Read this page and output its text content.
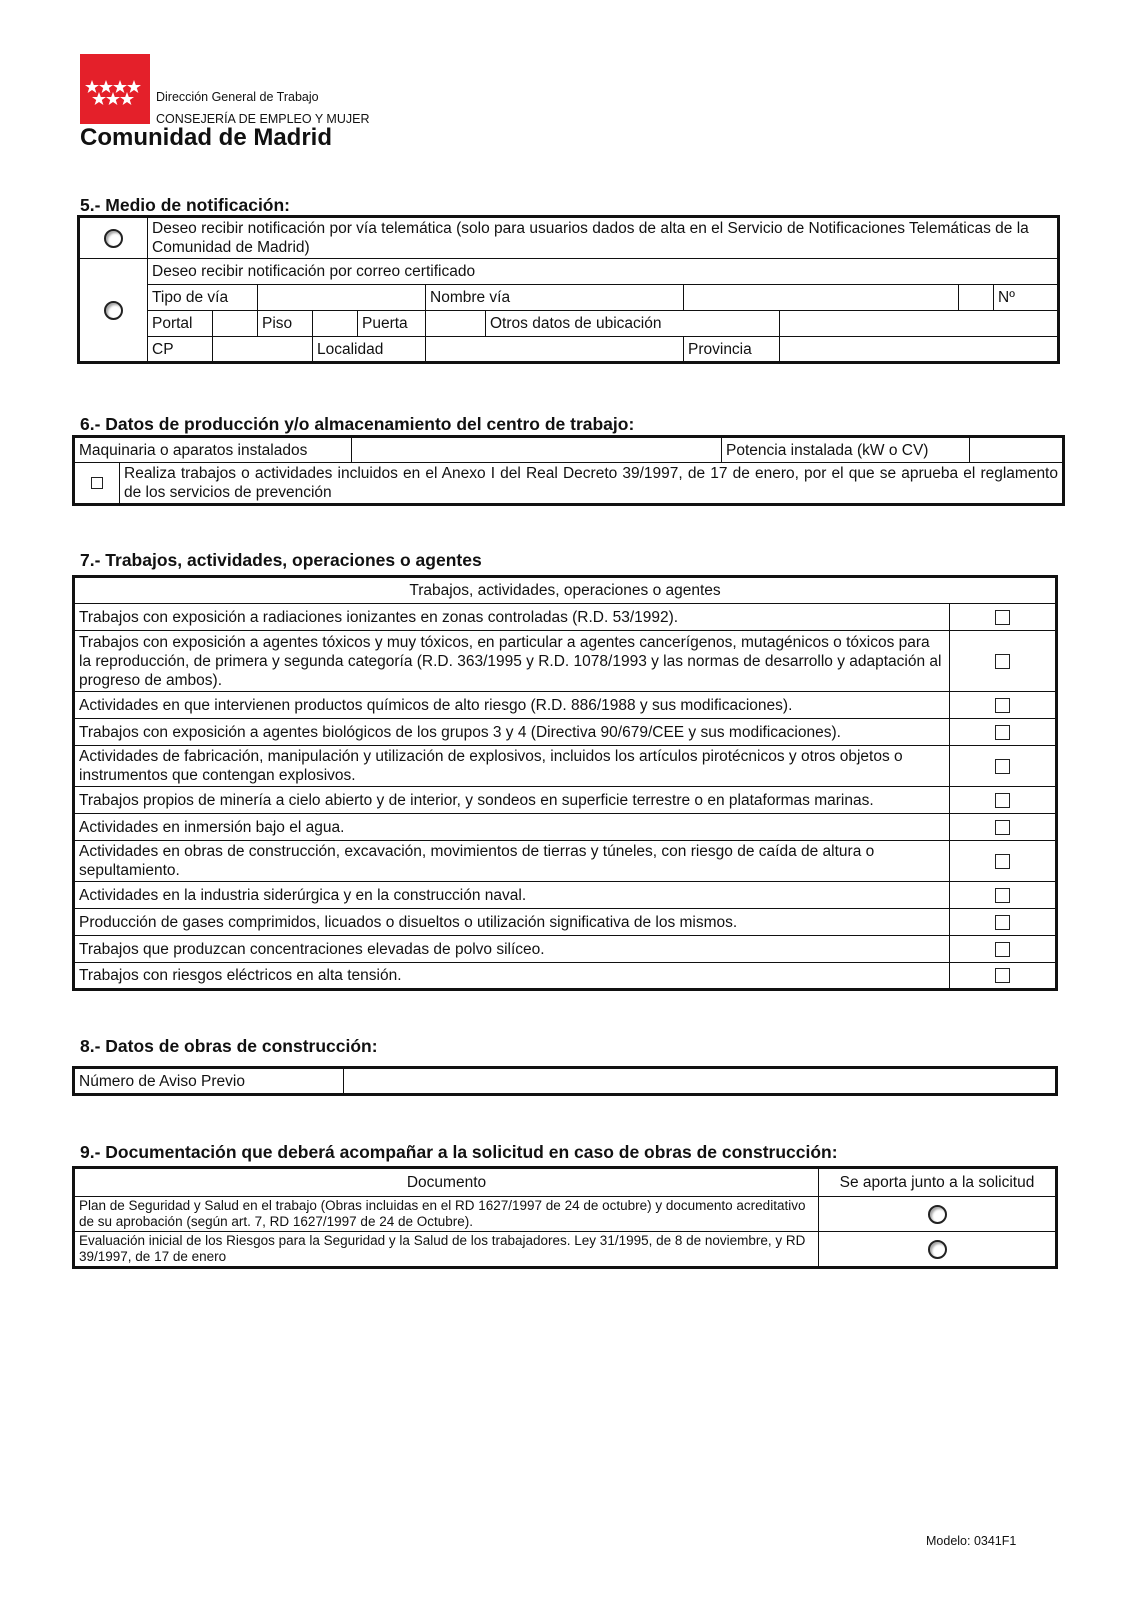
Dirección General de Trabajo
CONSEJERÍA DE EMPLEO Y MUJER
Comunidad de Madrid
5.- Medio de notificación:
	Deseo recibir notificación por vía telemática (solo para usuarios dados de alta en el Servicio de Notificaciones Telemáticas de la Comunidad de Madrid)											
	Deseo recibir notificación por correo certificado											
	Tipo de vía					Nombre vía					Nº	
	Portal		Piso		Puerta		Otros datos de ubicación					
	CP			Localidad				Provincia				
6.- Datos de producción y/o almacenamiento del centro de trabajo:
Maquinaria o aparatos instalados			Potencia instalada (kW o CV)	
	Realiza trabajos o actividades incluidos en el Anexo I del Real Decreto 39/1997, de 17 de enero, por el que se aprueba el reglamento de los servicios de prevención			
7.- Trabajos, actividades, operaciones o agentes
Trabajos, actividades, operaciones o agentes	
Trabajos con exposición a radiaciones ionizantes en zonas controladas (R.D. 53/1992).	
Trabajos con exposición a agentes tóxicos y muy tóxicos, en particular a agentes cancerígenos, mutagénicos o tóxicos para la reproducción, de primera y segunda categoría (R.D. 363/1995 y R.D. 1078/1993 y las normas de desarrollo y adaptación al progreso de ambos).	
Actividades en que intervienen productos químicos de alto riesgo (R.D. 886/1988 y sus modificaciones).	
Trabajos con exposición a agentes biológicos de los grupos 3 y 4 (Directiva 90/679/CEE y sus modificaciones).	
Actividades de fabricación, manipulación y utilización de explosivos, incluidos los artículos pirotécnicos y otros objetos o instrumentos que contengan explosivos.	
Trabajos propios de minería a cielo abierto y de interior, y sondeos en superficie terrestre o en plataformas marinas.	
Actividades en inmersión bajo el agua.	
Actividades en obras de construcción, excavación, movimientos de tierras y túneles, con riesgo de caída de altura o sepultamiento.	
Actividades en la industria siderúrgica y en la construcción naval.	
Producción de gases comprimidos, licuados o disueltos o utilización significativa de los mismos.	
Trabajos que produzcan concentraciones elevadas de polvo silíceo.	
Trabajos con riesgos eléctricos en alta tensión.	
8.- Datos de obras de construcción:
Número de Aviso Previo	
9.- Documentación que deberá acompañar a la solicitud en caso de obras de construcción:
Documento	Se aporta junto a la solicitud
Plan de Seguridad y Salud en el trabajo (Obras incluidas en el RD 1627/1997 de 24 de octubre) y documento acreditativo de su aprobación (según art. 7, RD 1627/1997 de 24 de Octubre).	
Evaluación inicial de los Riesgos para la Seguridad y la Salud de los trabajadores. Ley 31/1995, de 8 de noviembre, y RD 39/1997, de 17 de enero	
Modelo: 0341F1
